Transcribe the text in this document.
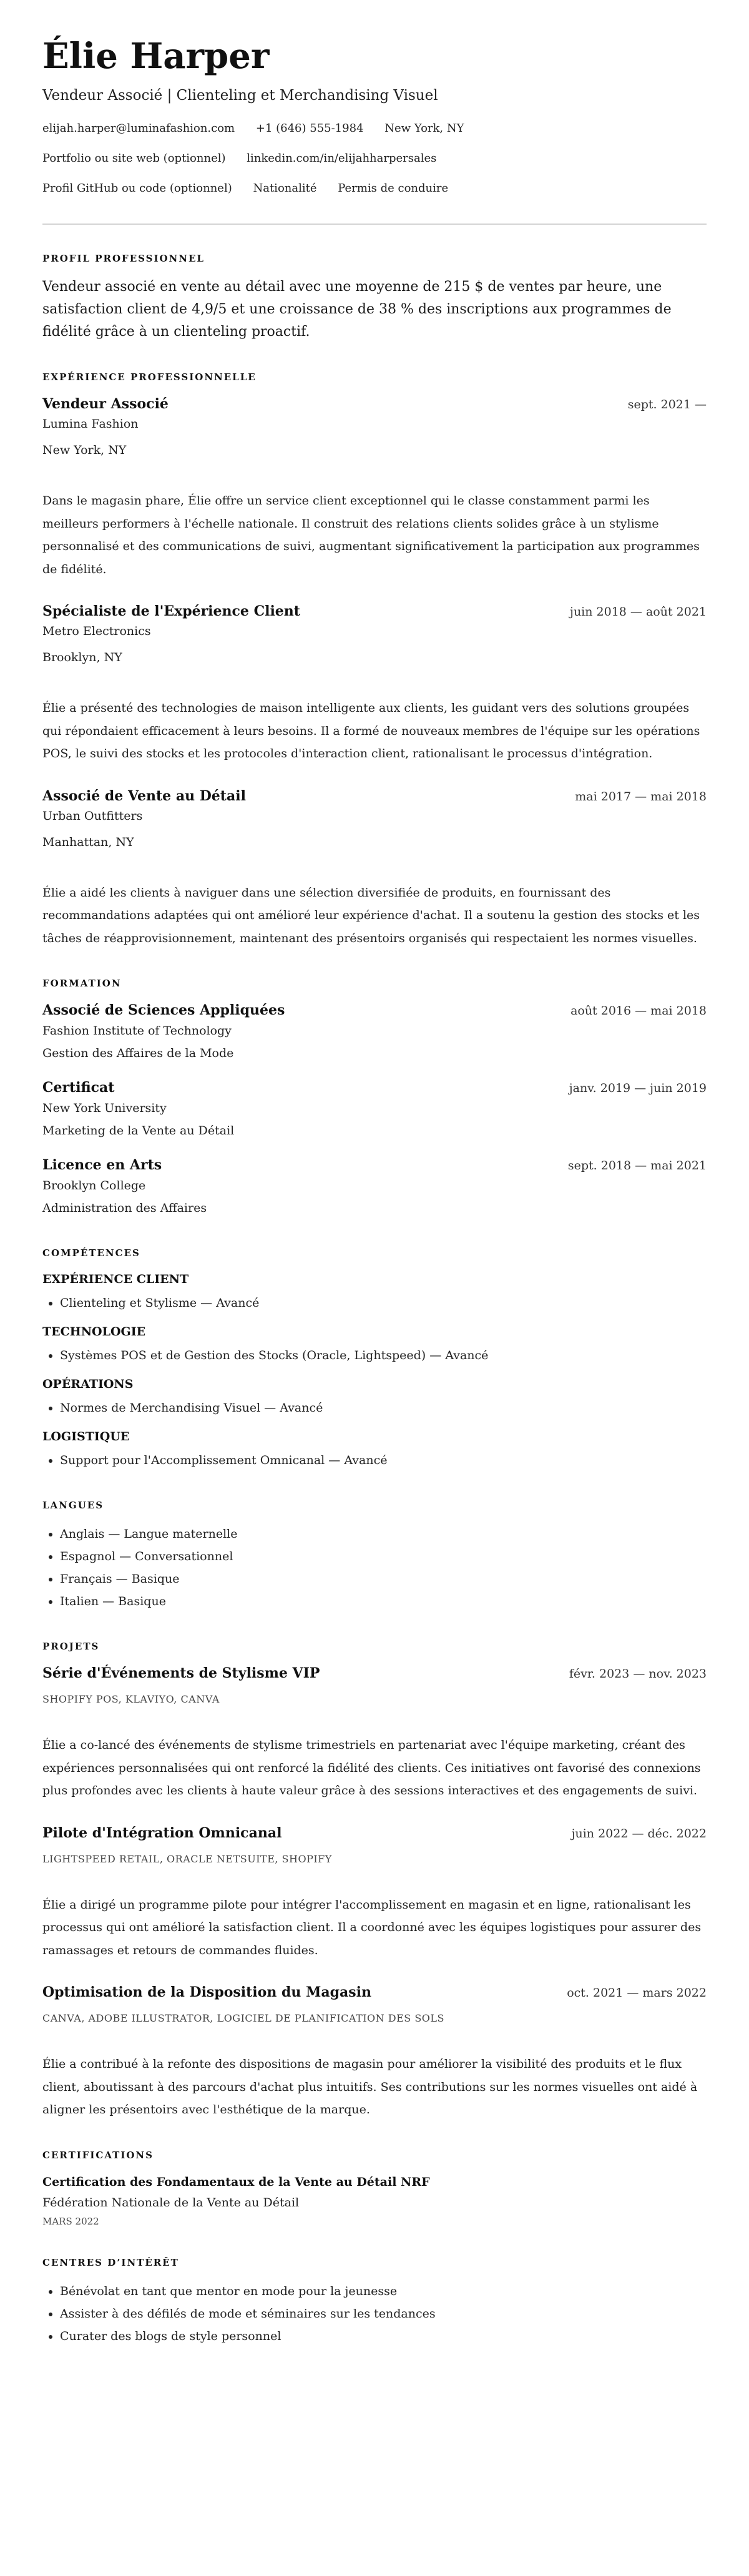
Élie Harper
Vendeur Associé | Clienteling et Merchandising Visuel
elijah.harper@luminafashion.com +1 (646) 555-1984 New York, NY
Portfolio ou site web (optionnel) linkedin.com/in/elijahharpersales
Profil GitHub ou code (optionnel) Nationalité Permis de conduire
PROFIL PROFESSIONNEL
Vendeur associé en vente au détail avec une moyenne de 215 $ de ventes par heure, une satisfaction client de 4,9/5 et une croissance de 38 % des inscriptions aux programmes de fidélité grâce à un clienteling proactif.
EXPÉRIENCE PROFESSIONNELLE
Vendeur Associé	sept. 2021 —
Lumina Fashion
New York, NY
Dans le magasin phare, Élie offre un service client exceptionnel qui le classe constamment parmi les meilleurs performers à l'échelle nationale. Il construit des relations clients solides grâce à un stylisme personnalisé et des communications de suivi, augmentant significativement la participation aux programmes de fidélité.
Spécialiste de l'Expérience Client	juin 2018 — août 2021
Metro Electronics
Brooklyn, NY
Élie a présenté des technologies de maison intelligente aux clients, les guidant vers des solutions groupées qui répondaient efficacement à leurs besoins. Il a formé de nouveaux membres de l'équipe sur les opérations POS, le suivi des stocks et les protocoles d'interaction client, rationalisant le processus d'intégration.
Associé de Vente au Détail	mai 2017 — mai 2018
Urban Outfitters
Manhattan, NY
Élie a aidé les clients à naviguer dans une sélection diversifiée de produits, en fournissant des recommandations adaptées qui ont amélioré leur expérience d'achat. Il a soutenu la gestion des stocks et les tâches de réapprovisionnement, maintenant des présentoirs organisés qui respectaient les normes visuelles.
FORMATION
Associé de Sciences Appliquées	août 2016 — mai 2018
Fashion Institute of Technology
Gestion des Affaires de la Mode
Certificat	janv. 2019 — juin 2019
New York University
Marketing de la Vente au Détail
Licence en Arts	sept. 2018 — mai 2021
Brooklyn College
Administration des Affaires
COMPÉTENCES
EXPÉRIENCE CLIENT
• Clienteling et Stylisme — Avancé
TECHNOLOGIE
• Systèmes POS et de Gestion des Stocks (Oracle, Lightspeed) — Avancé
OPÉRATIONS
• Normes de Merchandising Visuel — Avancé
LOGISTIQUE
• Support pour l'Accomplissement Omnicanal — Avancé
LANGUES
• Anglais — Langue maternelle
• Espagnol — Conversationnel
• Français — Basique
• Italien — Basique
PROJETS
Série d'Événements de Stylisme VIP	févr. 2023 — nov. 2023
SHOPIFY POS, KLAVIYO, CANVA
Élie a co-lancé des événements de stylisme trimestriels en partenariat avec l'équipe marketing, créant des expériences personnalisées qui ont renforcé la fidélité des clients. Ces initiatives ont favorisé des connexions plus profondes avec les clients à haute valeur grâce à des sessions interactives et des engagements de suivi.
Pilote d'Intégration Omnicanal	juin 2022 — déc. 2022
LIGHTSPEED RETAIL, ORACLE NETSUITE, SHOPIFY
Élie a dirigé un programme pilote pour intégrer l'accomplissement en magasin et en ligne, rationalisant les processus qui ont amélioré la satisfaction client. Il a coordonné avec les équipes logistiques pour assurer des ramassages et retours de commandes fluides.
Optimisation de la Disposition du Magasin	oct. 2021 — mars 2022
CANVA, ADOBE ILLUSTRATOR, LOGICIEL DE PLANIFICATION DES SOLS
Élie a contribué à la refonte des dispositions de magasin pour améliorer la visibilité des produits et le flux client, aboutissant à des parcours d'achat plus intuitifs. Ses contributions sur les normes visuelles ont aidé à aligner les présentoirs avec l'esthétique de la marque.
CERTIFICATIONS
Certification des Fondamentaux de la Vente au Détail NRF
Fédération Nationale de la Vente au Détail
MARS 2022
CENTRES D’INTÉRÊT
• Bénévolat en tant que mentor en mode pour la jeunesse
• Assister à des défilés de mode et séminaires sur les tendances
• Curater des blogs de style personnel
